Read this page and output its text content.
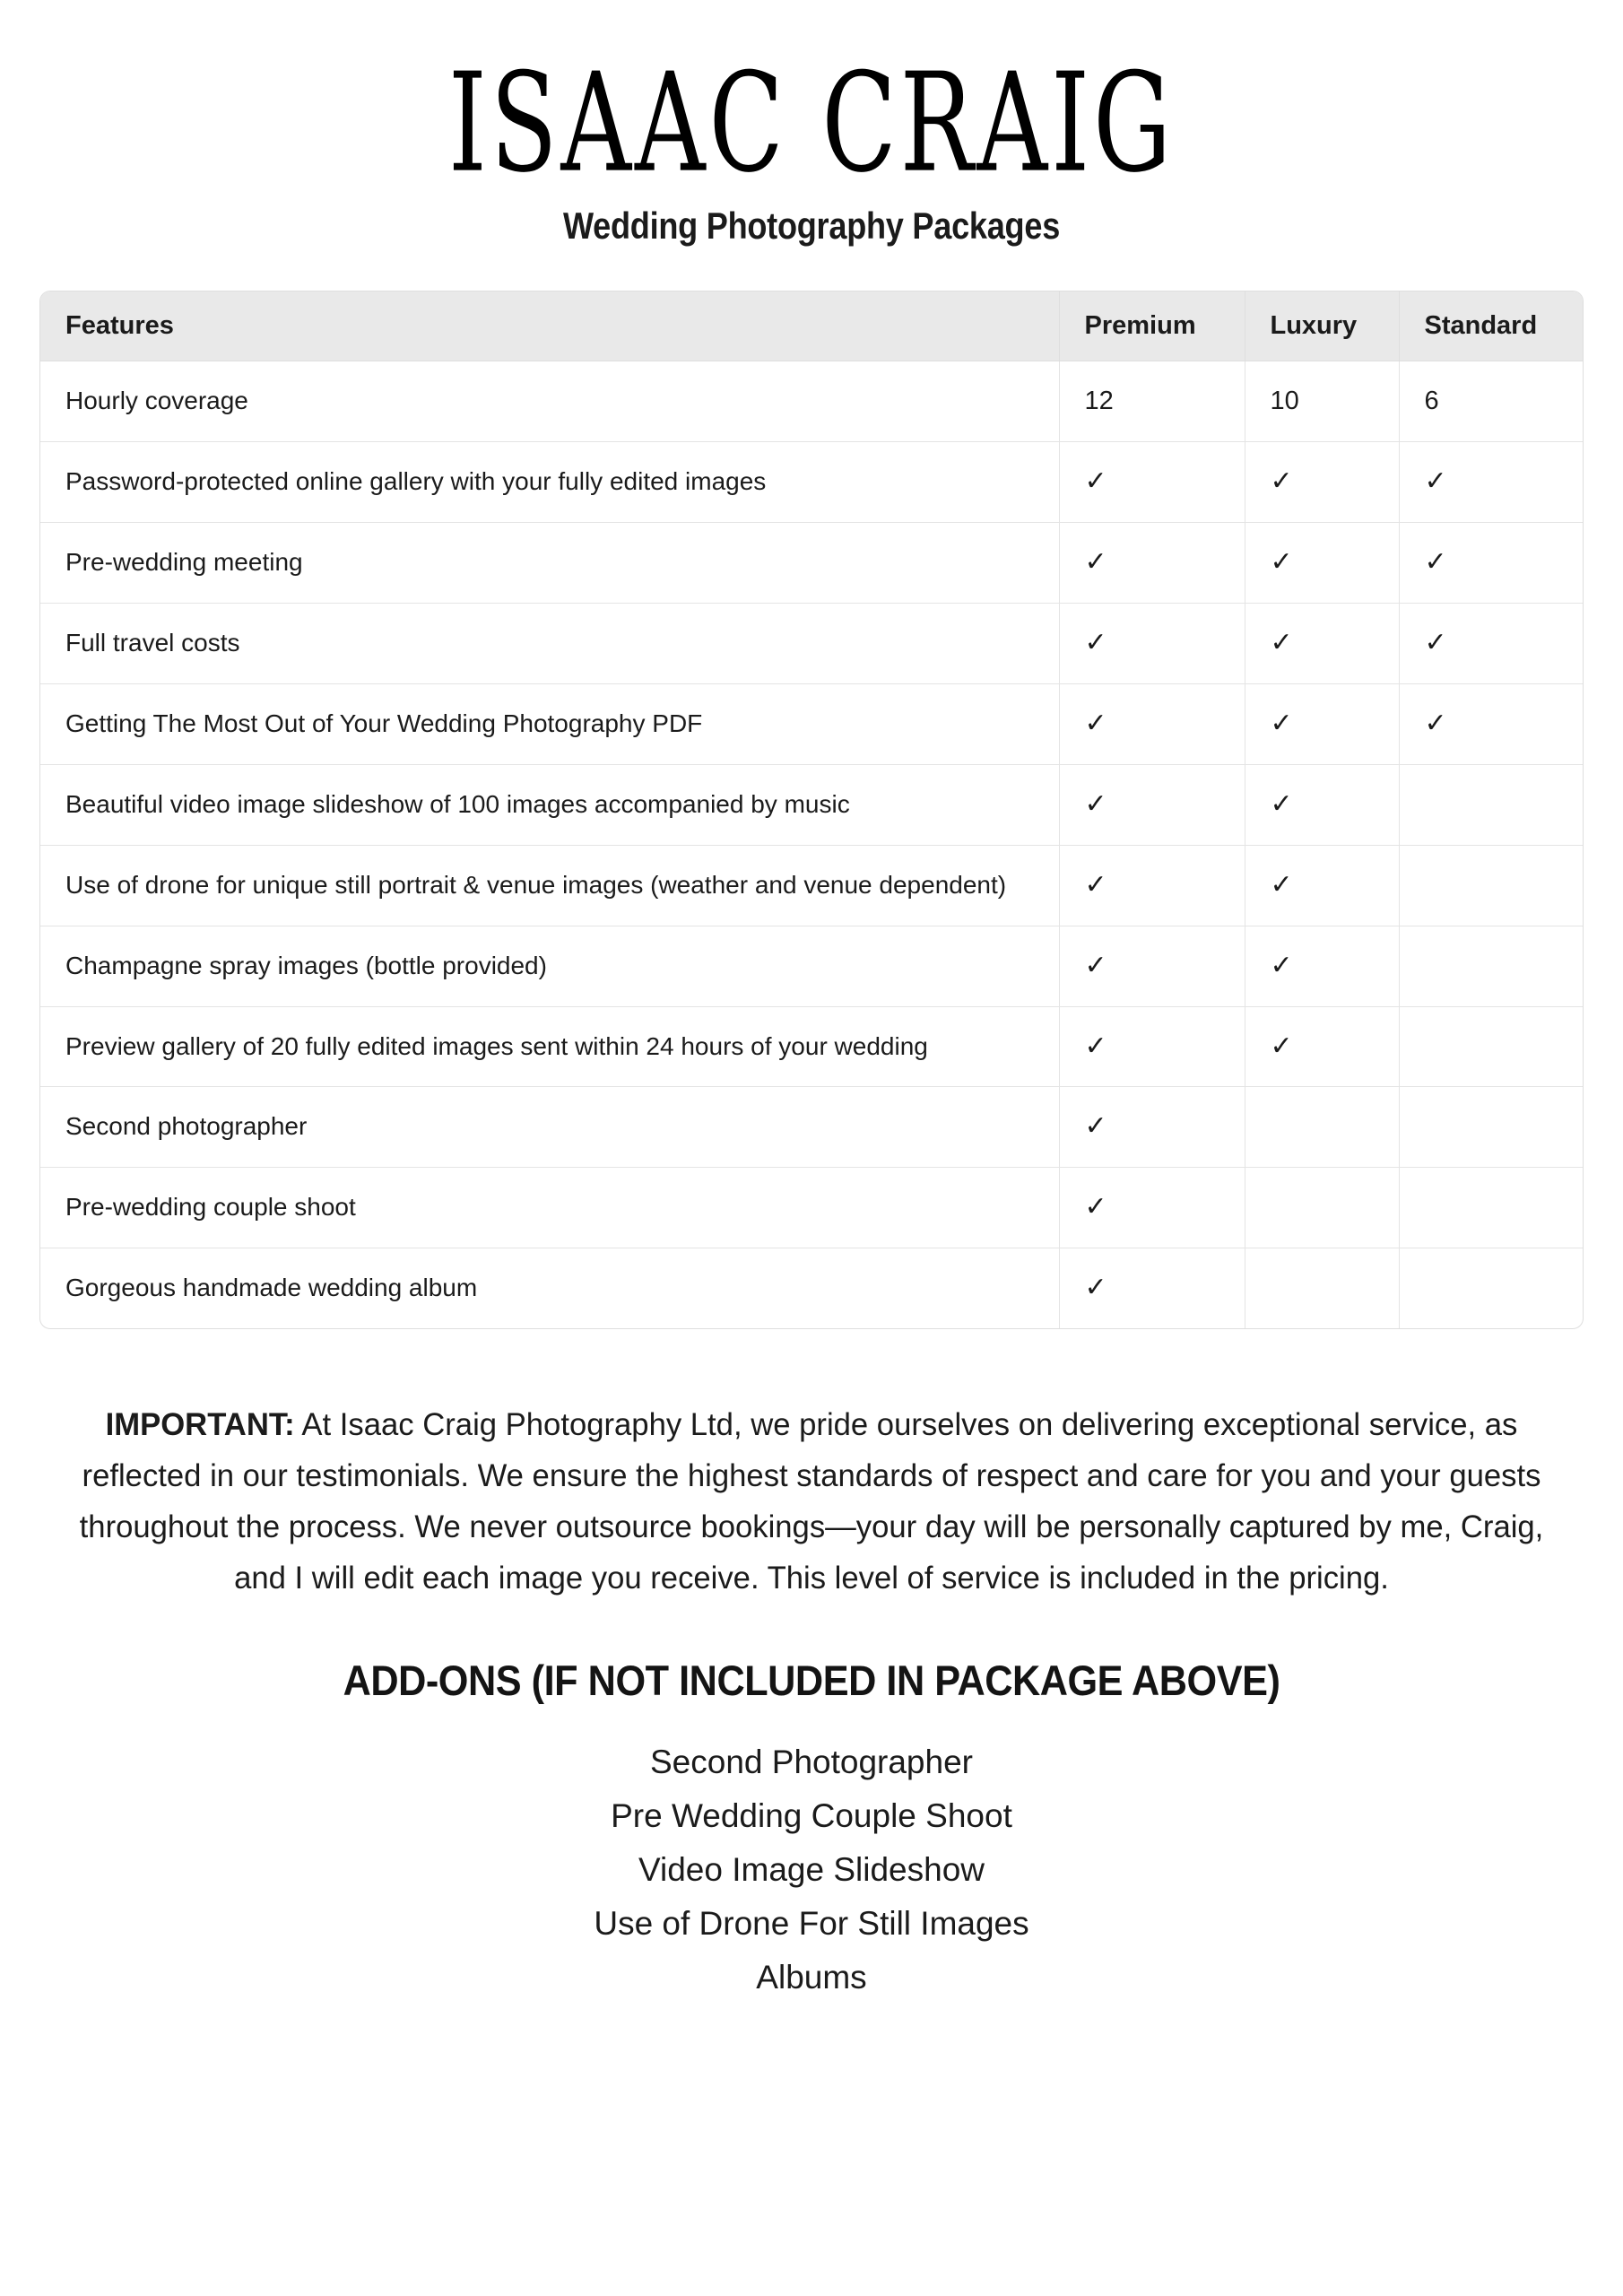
ISAAC CRAIG
Wedding Photography Packages
Features	Premium	Luxury	Standard
Hourly coverage	12	10	6
Password-protected online gallery with your fully edited images	✓	✓	✓
Pre-wedding meeting	✓	✓	✓
Full travel costs	✓	✓	✓
Getting The Most Out of Your Wedding Photography PDF	✓	✓	✓
Beautiful video image slideshow of 100 images accompanied by music	✓	✓	
Use of drone for unique still portrait & venue images (weather and venue dependent)	✓	✓	
Champagne spray images (bottle provided)	✓	✓	
Preview gallery of 20 fully edited images sent within 24 hours of your wedding	✓	✓	
Second photographer	✓		
Pre-wedding couple shoot	✓		
Gorgeous handmade wedding album	✓		

IMPORTANT: At Isaac Craig Photography Ltd, we pride ourselves on delivering exceptional service, as reflected in our testimonials. We ensure the highest standards of respect and care for you and your guests throughout the process. We never outsource bookings—your day will be personally captured by me, Craig, and I will edit each image you receive. This level of service is included in the pricing.

ADD-ONS (IF NOT INCLUDED IN PACKAGE ABOVE)
Second Photographer
Pre Wedding Couple Shoot
Video Image Slideshow
Use of Drone For Still Images
Albums
